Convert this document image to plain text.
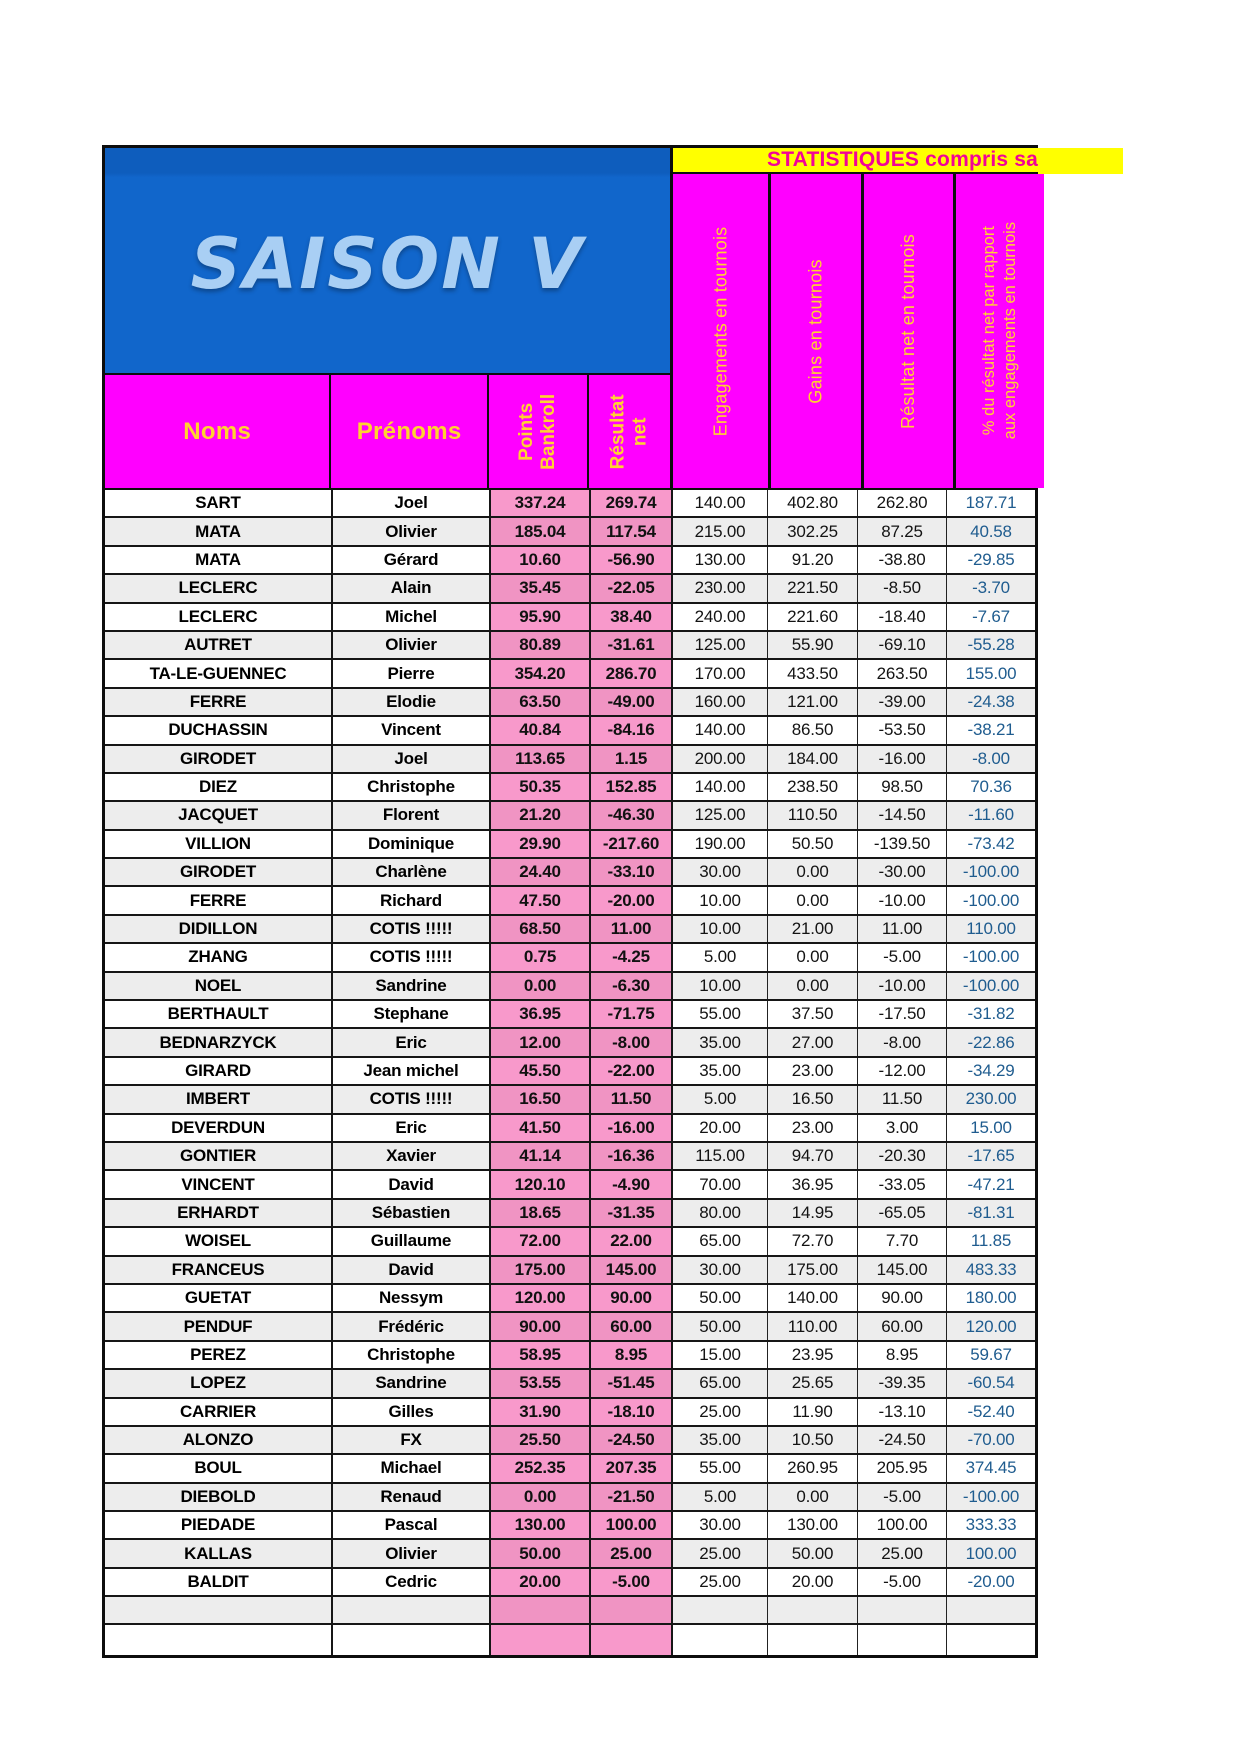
SAISON V
STATISTIQUES compris sa
Engagements en tournois	Gains en tournois	Résultat net en tournois	% du résultat net par rapport aux engagements en tournois
Noms	Prénoms	Points Bankroll	Résultat net
SART	Joel	337.24	269.74	140.00	402.80	262.80	187.71
MATA	Olivier	185.04	117.54	215.00	302.25	87.25	40.58
MATA	Gérard	10.60	-56.90	130.00	91.20	-38.80	-29.85
LECLERC	Alain	35.45	-22.05	230.00	221.50	-8.50	-3.70
LECLERC	Michel	95.90	38.40	240.00	221.60	-18.40	-7.67
AUTRET	Olivier	80.89	-31.61	125.00	55.90	-69.10	-55.28
TA-LE-GUENNEC	Pierre	354.20	286.70	170.00	433.50	263.50	155.00
FERRE	Elodie	63.50	-49.00	160.00	121.00	-39.00	-24.38
DUCHASSIN	Vincent	40.84	-84.16	140.00	86.50	-53.50	-38.21
GIRODET	Joel	113.65	1.15	200.00	184.00	-16.00	-8.00
DIEZ	Christophe	50.35	152.85	140.00	238.50	98.50	70.36
JACQUET	Florent	21.20	-46.30	125.00	110.50	-14.50	-11.60
VILLION	Dominique	29.90	-217.60	190.00	50.50	-139.50	-73.42
GIRODET	Charlène	24.40	-33.10	30.00	0.00	-30.00	-100.00
FERRE	Richard	47.50	-20.00	10.00	0.00	-10.00	-100.00
DIDILLON	COTIS !!!!!	68.50	11.00	10.00	21.00	11.00	110.00
ZHANG	COTIS !!!!!	0.75	-4.25	5.00	0.00	-5.00	-100.00
NOEL	Sandrine	0.00	-6.30	10.00	0.00	-10.00	-100.00
BERTHAULT	Stephane	36.95	-71.75	55.00	37.50	-17.50	-31.82
BEDNARZYCK	Eric	12.00	-8.00	35.00	27.00	-8.00	-22.86
GIRARD	Jean michel	45.50	-22.00	35.00	23.00	-12.00	-34.29
IMBERT	COTIS !!!!!	16.50	11.50	5.00	16.50	11.50	230.00
DEVERDUN	Eric	41.50	-16.00	20.00	23.00	3.00	15.00
GONTIER	Xavier	41.14	-16.36	115.00	94.70	-20.30	-17.65
VINCENT	David	120.10	-4.90	70.00	36.95	-33.05	-47.21
ERHARDT	Sébastien	18.65	-31.35	80.00	14.95	-65.05	-81.31
WOISEL	Guillaume	72.00	22.00	65.00	72.70	7.70	11.85
FRANCEUS	David	175.00	145.00	30.00	175.00	145.00	483.33
GUETAT	Nessym	120.00	90.00	50.00	140.00	90.00	180.00
PENDUF	Frédéric	90.00	60.00	50.00	110.00	60.00	120.00
PEREZ	Christophe	58.95	8.95	15.00	23.95	8.95	59.67
LOPEZ	Sandrine	53.55	-51.45	65.00	25.65	-39.35	-60.54
CARRIER	Gilles	31.90	-18.10	25.00	11.90	-13.10	-52.40
ALONZO	FX	25.50	-24.50	35.00	10.50	-24.50	-70.00
BOUL	Michael	252.35	207.35	55.00	260.95	205.95	374.45
DIEBOLD	Renaud	0.00	-21.50	5.00	0.00	-5.00	-100.00
PIEDADE	Pascal	130.00	100.00	30.00	130.00	100.00	333.33
KALLAS	Olivier	50.00	25.00	25.00	50.00	25.00	100.00
BALDIT	Cedric	20.00	-5.00	25.00	20.00	-5.00	-20.00
